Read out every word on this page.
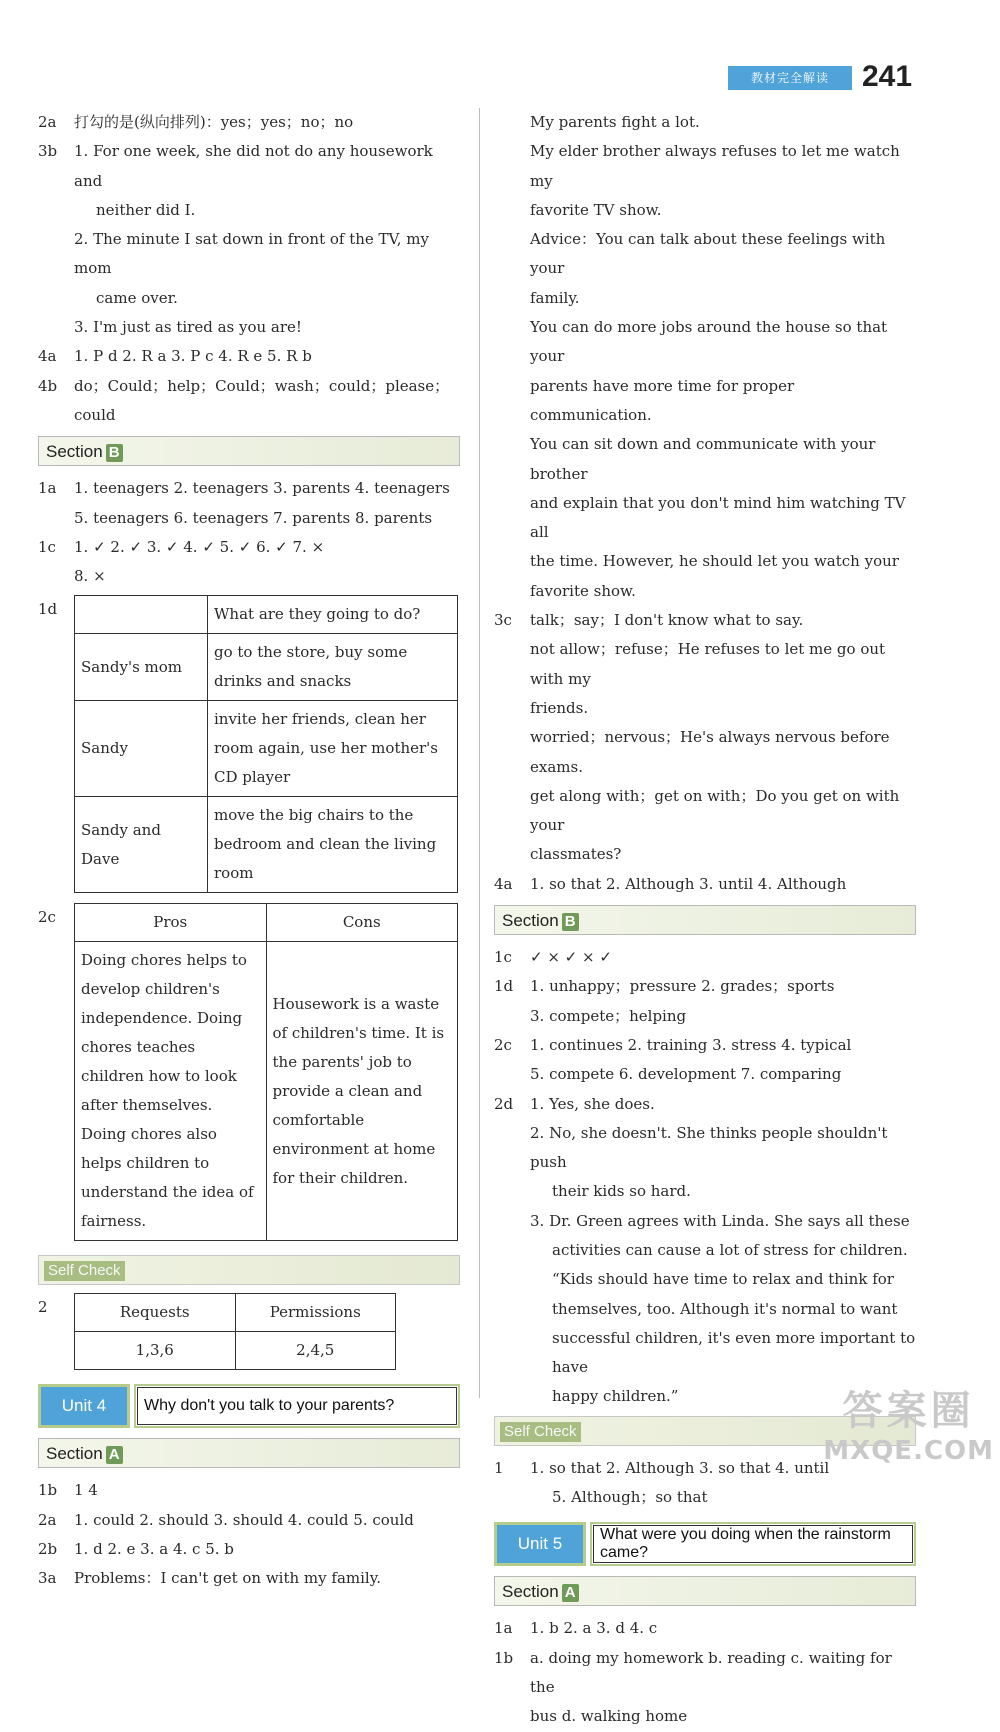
教材完全解读	241
2a	打勾的是(纵向排列)：yes；yes；no；no
3b	1. For one week, she did not do any housework and
neither did I.
2. The minute I sat down in front of the TV, my mom
came over.
3. I'm just as tired as you are!
4a	1. P d 2. R a 3. P c 4. R e 5. R b
4b	do；Could；help；Could；wash；could；please；could
Section B
1a	1. teenagers 2. teenagers 3. parents 4. teenagers
5. teenagers 6. teenagers 7. parents 8. parents
1c	1. ✓ 2. ✓ 3. ✓ 4. ✓ 5. ✓ 6. ✓ 7. ×
8. ×
1d
		What are they going to do?
Sandy's mom	go to the store, buy some drinks and snacks
Sandy	invite her friends, clean her room again, use her mother's CD player
Sandy and Dave	move the big chairs to the bedroom and clean the living room
2c	Pros	Cons
Doing chores helps to develop children's independence. Doing chores teaches children how to look after themselves. Doing chores also helps children to understand the idea of fairness.	Housework is a waste of children's time. It is the parents' job to provide a clean and comfortable environment at home for their children.
Self Check
2	Requests	Permissions
1,3,6	2,4,5
Unit 4	Why don't you talk to your parents?
Section A
1b	1 4
2a	1. could 2. should 3. should 4. could 5. could
2b	1. d 2. e 3. a 4. c 5. b
3a	Problems：I can't get on with my family.
My parents fight a lot.
My elder brother always refuses to let me watch my
favorite TV show.
Advice：You can talk about these feelings with your
family.
You can do more jobs around the house so that your
parents have more time for proper communication.
You can sit down and communicate with your brother
and explain that you don't mind him watching TV all
the time. However, he should let you watch your
favorite show.
3c	talk；say；I don't know what to say.
not allow；refuse；He refuses to let me go out with my
friends.
worried；nervous；He's always nervous before exams.
get along with；get on with；Do you get on with your
classmates?
4a	1. so that 2. Although 3. until 4. Although
Section B
1c	✓ × ✓ × ✓
1d	1. unhappy；pressure 2. grades；sports
3. compete；helping
2c	1. continues 2. training 3. stress 4. typical
5. compete 6. development 7. comparing
2d	1. Yes, she does.
2. No, she doesn't. She thinks people shouldn't push
their kids so hard.
3. Dr. Green agrees with Linda. She says all these
activities can cause a lot of stress for children.
“Kids should have time to relax and think for
themselves, too. Although it's normal to want
successful children, it's even more important to have
happy children.”
Self Check
1	1. so that 2. Although 3. so that 4. until
5. Although；so that
Unit 5	What were you doing when the rainstorm came?
Section A
1a	1. b 2. a 3. d 4. c
1b	a. doing my homework b. reading c. waiting for the
bus d. walking home
答案圈
MXQE.COM
